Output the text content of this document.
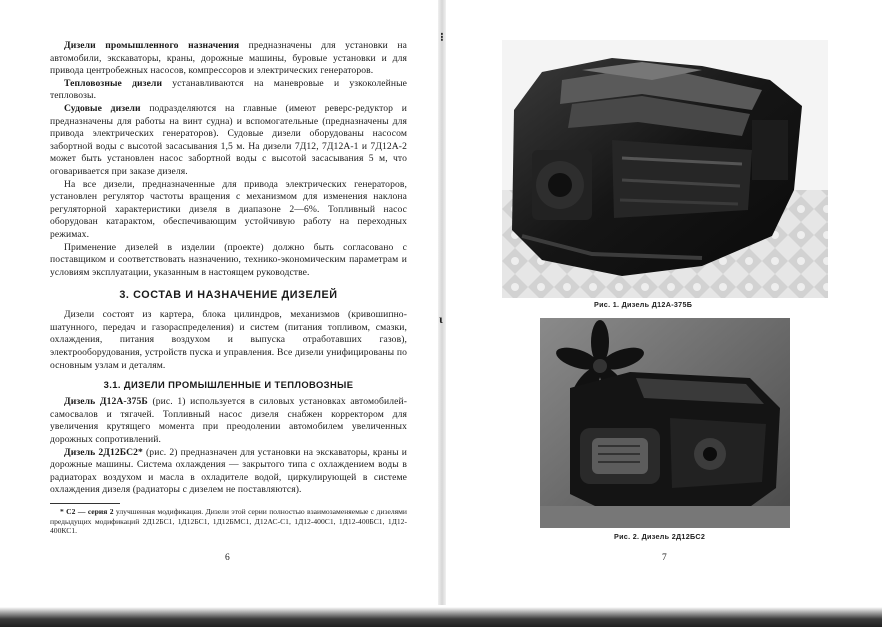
⁝
ι

Дизели промышленного назначения предназначены для установки на автомобили, экскаваторы, краны, дорожные машины, буровые установки и для привода центробежных насосов, компрессоров и электрических генераторов.

Тепловозные дизели устанавливаются на маневровые и узкоколейные тепловозы.

Судовые дизели подразделяются на главные (имеют реверс-редуктор и предназначены для работы на винт судна) и вспомогательные (предназначены для привода электрических генераторов). Судовые дизели оборудованы насосом забортной воды с высотой засасывания 1,5 м. На дизели 7Д12, 7Д12А-1 и 7Д12А-2 может быть установлен насос забортной воды с высотой засасывания 5 м, что оговаривается при заказе дизеля.

На все дизели, предназначенные для привода электрических генераторов, установлен регулятор частоты вращения с механизмом для изменения наклона регуляторной характеристики дизеля в диапазоне 2—6%. Топливный насос оборудован катарактом, обеспечивающим устойчивую работу на переходных режимах.

Применение дизелей в изделии (проекте) должно быть согласовано с поставщиком и соответствовать назначению, технико-экономическим параметрам и условиям эксплуатации, указанным в настоящем руководстве.

3. СОСТАВ И НАЗНАЧЕНИЕ ДИЗЕЛЕЙ

Дизели состоят из картера, блока цилиндров, механизмов (кривошипно-шатунного, передач и газораспределения) и систем (питания топливом, смазки, охлаждения, питания воздухом и выпуска отработавших газов), электрооборудования, устройств пуска и управления. Все дизели унифицированы по основным узлам и деталям.

3.1. ДИЗЕЛИ ПРОМЫШЛЕННЫЕ И ТЕПЛОВОЗНЫЕ

Дизель Д12А-375Б (рис. 1) используется в силовых установках автомобилей-самосвалов и тягачей. Топливный насос дизеля снабжен корректором для увеличения крутящего момента при преодолении автомобилем увеличенных дорожных сопротивлений.

Дизель 2Д12БС2* (рис. 2) предназначен для установки на экскаваторы, краны и дорожные машины. Система охлаждения — закрытого типа с охлаждением воды в радиаторах воздухом и масла в охладителе водой, циркулирующей в системе охлаждения дизеля (радиаторы с дизелем не поставляются).

* С2 — серия 2 улучшенная модификация. Дизели этой серии полностью взаимозаменяемые с дизелями предыдущих модификаций 2Д12БС1, 1Д12БС1, 1Д12БМС1, Д12АС-С1, 1Д12-400С1, 1Д12-400БС1, 1Д12-400КС1.

6
Рис. 1. Дизель Д12А-375Б
Рис. 2. Дизель 2Д12БС2
7
